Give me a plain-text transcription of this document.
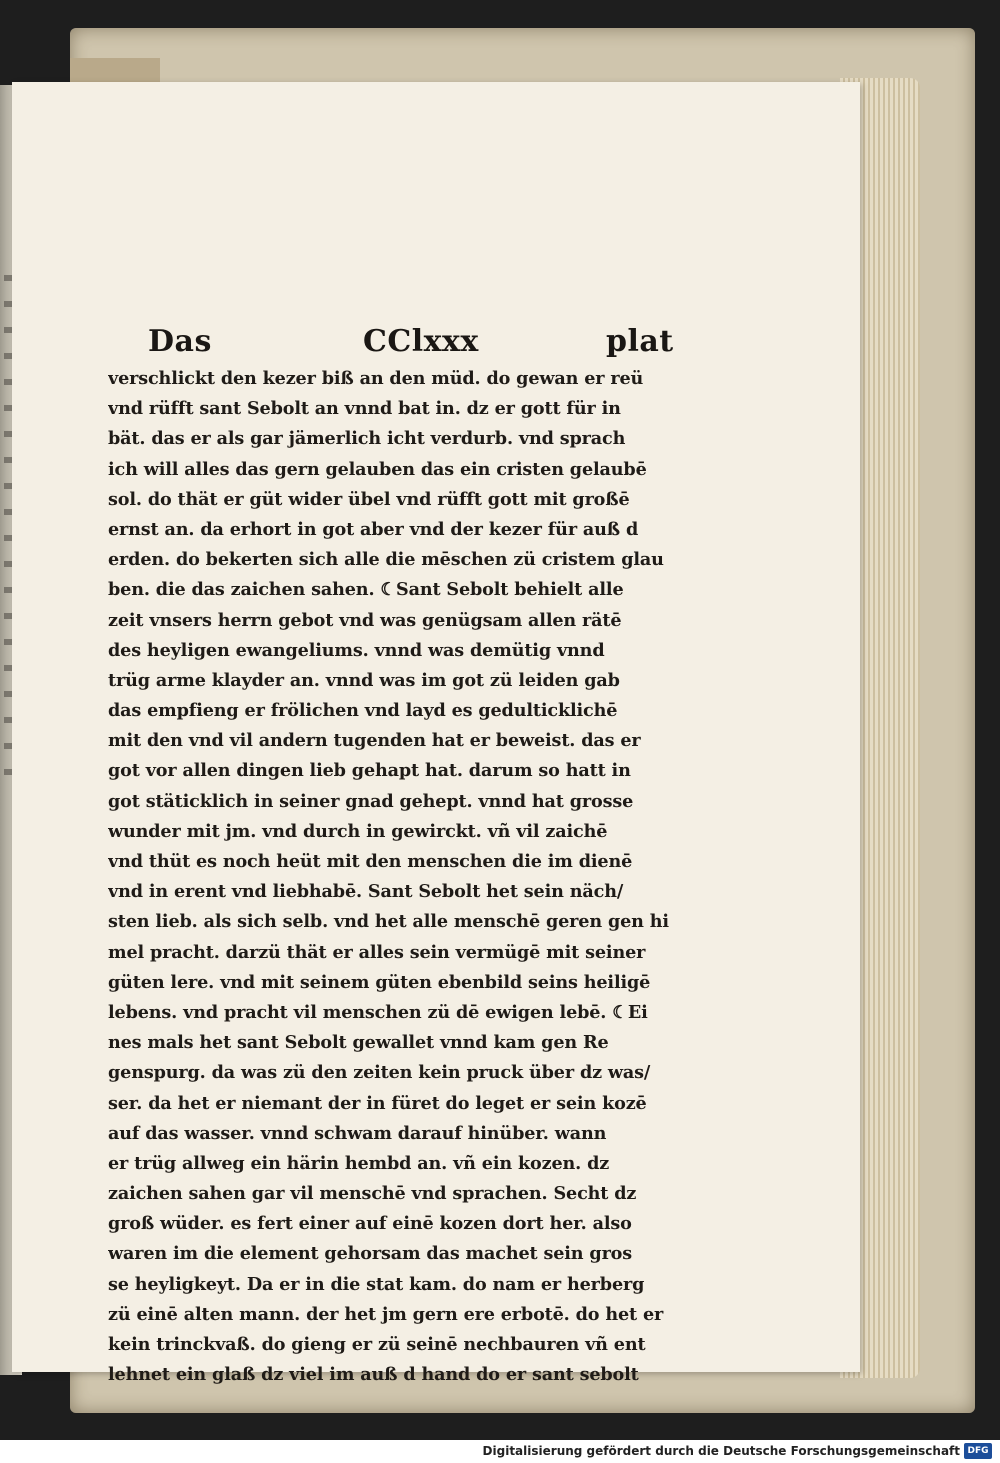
Das	CClxxx	plat
verschlickt den kezer biß an den müd. do gewan er reü
vnd rüfft sant Sebolt an vnnd bat in. dz er gott für in
bät. das er als gar jämerlich icht verdurb. vnd sprach
ich will alles das gern gelauben das ein cristen gelaubē
sol. do thät er güt wider übel vnd rüfft gott mit großē
ernst an. da erhort in got aber vnd der kezer für auß d
erden. do bekerten sich alle die mēschen zü cristem glau
ben. die das zaichen sahen. ☾Sant Sebolt behielt alle
zeit vnsers herrn gebot vnd was genügsam allen rätē
des heyligen ewangeliums. vnnd was demütig vnnd
trüg arme klayder an. vnnd was im got zü leiden gab
das empfieng er frölichen vnd layd es gedulticklichē
mit den vnd vil andern tugenden hat er beweist. das er
got vor allen dingen lieb gehapt hat. darum so hatt in
got stäticklich in seiner gnad gehept. vnnd hat grosse
wunder mit jm. vnd durch in gewirckt. vñ vil zaichē
vnd thüt es noch heüt mit den menschen die im dienē
vnd in erent vnd liebhabē. Sant Sebolt het sein näch/
sten lieb. als sich selb. vnd het alle menschē geren gen hi
mel pracht. darzü thät er alles sein vermügē mit seiner
güten lere. vnd mit seinem güten ebenbild seins heiligē
lebens. vnd pracht vil menschen zü dē ewigen lebē. ☾Ei
nes mals het sant Sebolt gewallet vnnd kam gen Re
genspurg. da was zü den zeiten kein pruck über dz was/
ser. da het er niemant der in füret do leget er sein kozē
auf das wasser. vnnd schwam darauf hinüber. wann
er trüg allweg ein härin hembd an. vñ ein kozen. dz
zaichen sahen gar vil menschē vnd sprachen. Secht dz
groß wüder. es fert einer auf einē kozen dort her. also
waren im die element gehorsam das machet sein gros
se heyligkeyt. Da er in die stat kam. do nam er herberg
zü einē alten mann. der het jm gern ere erbotē. do het er
kein trinckvaß. do gieng er zü seinē nechbauren vñ ent
lehnet ein glaß dz viel im auß d hand do er sant sebolt
Digitalisierung gefördert durch die Deutsche Forschungsgemeinschaft DFG
